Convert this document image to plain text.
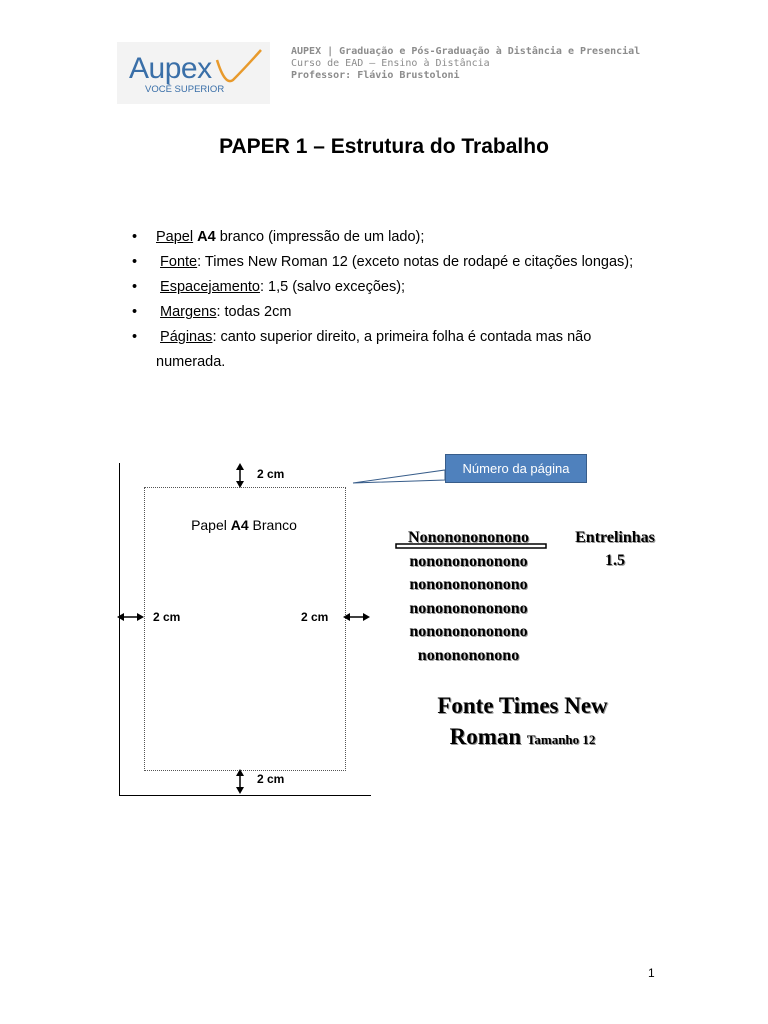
Aupex
VOCÊ SUPERIOR
AUPEX | Graduação e Pós-Graduação à Distância e Presencial
Curso de EAD – Ensino à Distância
Professor: Flávio Brustoloni
PAPER 1 – Estrutura do Trabalho
• Papel A4 branco (impressão de um lado);
• Fonte: Times New Roman 12 (exceto notas de rodapé e citações longas);
• Espacejamento: 1,5 (salvo exceções);
• Margens: todas 2cm
• Páginas: canto superior direito, a primeira folha é contada mas não numerada.
Papel A4 Branco
2 cm
2 cm
2 cm	2 cm
Número da página
Nonononononono
nonononononono
nonononononono
nonononononono
nonononononono
nononononono
Entrelinhas
1.5
Fonte Times New
Roman Tamanho 12
1
